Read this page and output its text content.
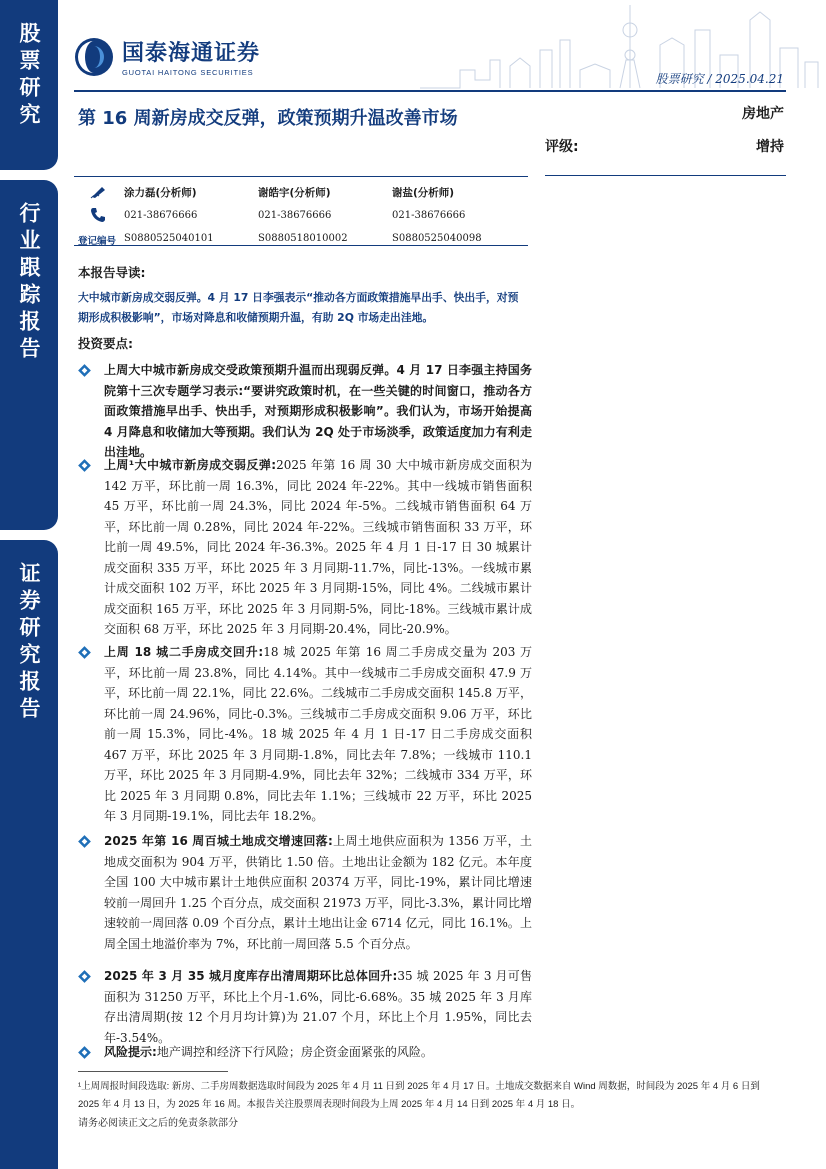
股票研究
行业跟踪报告
证券研究报告
国泰海通证券
GUOTAI HAITONG SECURITIES	股票研究 / 2025.04.21
第 16 周新房成交反弹，政策预期升温改善市场	房地产
评级:	增持
涂力磊(分析师)	谢皓宇(分析师)	谢盐(分析师)
021-38676666	021-38676666	021-38676666
登记编号 S0880525040101	S0880518010002	S0880525040098
本报告导读:
大中城市新房成交弱反弹。4 月 17 日李强表示“推动各方面政策措施早出手、快出手，对预期形成积极影响”，市场对降息和收储预期升温，有助 2Q 市场走出洼地。
投资要点:

上周大中城市新房成交受政策预期升温而出现弱反弹。4 月 17 日李强主持国务院第十三次专题学习表示:“要讲究政策时机，在一些关键的时间窗口，推动各方面政策措施早出手、快出手，对预期形成积极影响”。我们认为，市场开始提高 4 月降息和收储加大等预期。我们认为 2Q 处于市场淡季，政策适度加力有利走出洼地。

上周¹大中城市新房成交弱反弹:2025 年第 16 周 30 大中城市新房成交面积为 142 万平，环比前一周 16.3%，同比 2024 年-22%。其中一线城市销售面积 45 万平，环比前一周 24.3%，同比 2024 年-5%。二线城市销售面积 64 万平，环比前一周 0.28%，同比 2024 年-22%。三线城市销售面积 33 万平，环比前一周 49.5%，同比 2024 年-36.3%。2025 年 4 月 1 日-17 日 30 城累计成交面积 335 万平，环比 2025 年 3 月同期-11.7%，同比-13%。一线城市累计成交面积 102 万平，环比 2025 年 3 月同期-15%，同比 4%。二线城市累计成交面积 165 万平，环比 2025 年 3 月同期-5%，同比-18%。三线城市累计成交面积 68 万平，环比 2025 年 3 月同期-20.4%，同比-20.9%。

上周 18 城二手房成交回升:18 城 2025 年第 16 周二手房成交量为 203 万平，环比前一周 23.8%，同比 4.14%。其中一线城市二手房成交面积 47.9 万平，环比前一周 22.1%，同比 22.6%。二线城市二手房成交面积 145.8 万平，环比前一周 24.96%，同比-0.3%。三线城市二手房成交面积 9.06 万平，环比前一周 15.3%，同比-4%。18 城 2025 年 4 月 1 日-17 日二手房成交面积 467 万平，环比 2025 年 3 月同期-1.8%，同比去年 7.8%；一线城市 110.1 万平，环比 2025 年 3 月同期-4.9%，同比去年 32%；二线城市 334 万平，环比 2025 年 3 月同期 0.8%，同比去年 1.1%；三线城市 22 万平，环比 2025 年 3 月同期-19.1%，同比去年 18.2%。

2025 年第 16 周百城土地成交增速回落:上周土地供应面积为 1356 万平，土地成交面积为 904 万平，供销比 1.50 倍。土地出让金额为 182 亿元。本年度全国 100 大中城市累计土地供应面积 20374 万平，同比-19%，累计同比增速较前一周回升 1.25 个百分点，成交面积 21973 万平，同比-3.3%，累计同比增速较前一周回落 0.09 个百分点，累计土地出让金 6714 亿元，同比 16.1%。上周全国土地溢价率为 7%，环比前一周回落 5.5 个百分点。

2025 年 3 月 35 城月度库存出清周期环比总体回升:35 城 2025 年 3 月可售面积为 31250 万平，环比上个月-1.6%，同比-6.68%。35 城 2025 年 3 月库存出清周期(按 12 个月月均计算)为 21.07 个月，环比上个月 1.95%，同比去年-3.54%。

风险提示:地产调控和经济下行风险；房企资金面紧张的风险。

¹上周周报时间段选取: 新房、二手房周数据选取时间段为 2025 年 4 月 11 日到 2025 年 4 月 17 日。土地成交数据来自 Wind 周数据，时间段为 2025 年 4 月 6 日到 2025 年 4 月 13 日，为 2025 年 16 周。本报告关注股票周表现时间段为上周 2025 年 4 月 14 日到 2025 年 4 月 18 日。
请务必阅读正文之后的免责条款部分
